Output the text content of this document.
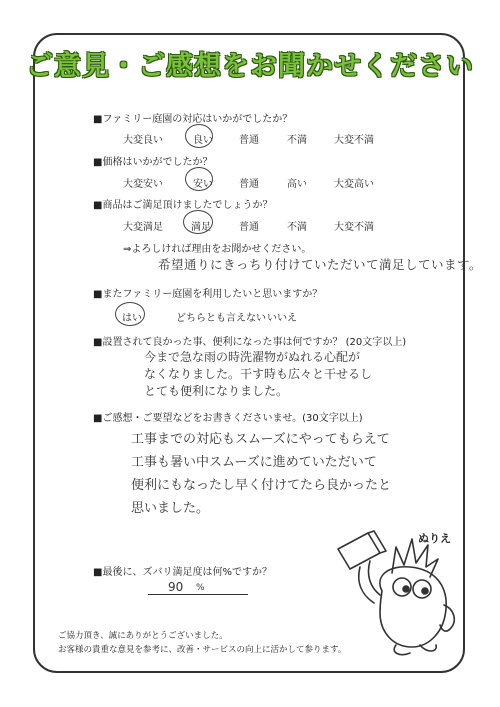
ご意見・ご感想をお聞かせください
■ファミリー庭園の対応はいかがでしたか？
大変良い	良い	普通	不満	大変不満
■価格はいかがでしたか？
大変安い	安い	普通	高い	大変高い
■商品はご満足頂けましたでしょうか？
大変満足	満足	普通	不満	大変不満
⇒よろしければ理由をお聞かせください。
希望通りにきっちり付けていただいて満足しています。
■またファミリー庭園を利用したいと思いますか？
はい	どちらとも言えない いいえ
■設置されて良かった事、便利になった事は何ですか？ (20文字以上)
今まで急な雨の時洗濯物がぬれる心配が
なくなりました。干す時も広々と干せるし
とても便利になりました。
■ご感想・ご要望などをお書きくださいませ。(30文字以上)
工事までの対応もスムーズにやってもらえて
工事も暑い中スムーズに進めていただいて
便利にもなったし早く付けてたら良かったと
思いました。
■最後に、ズバリ満足度は何%ですか？
90 %
ご協力頂き、誠にありがとうございました。
お客様の貴重な意見を参考に、改善・サービスの向上に活かして参ります。
ぬりえ
